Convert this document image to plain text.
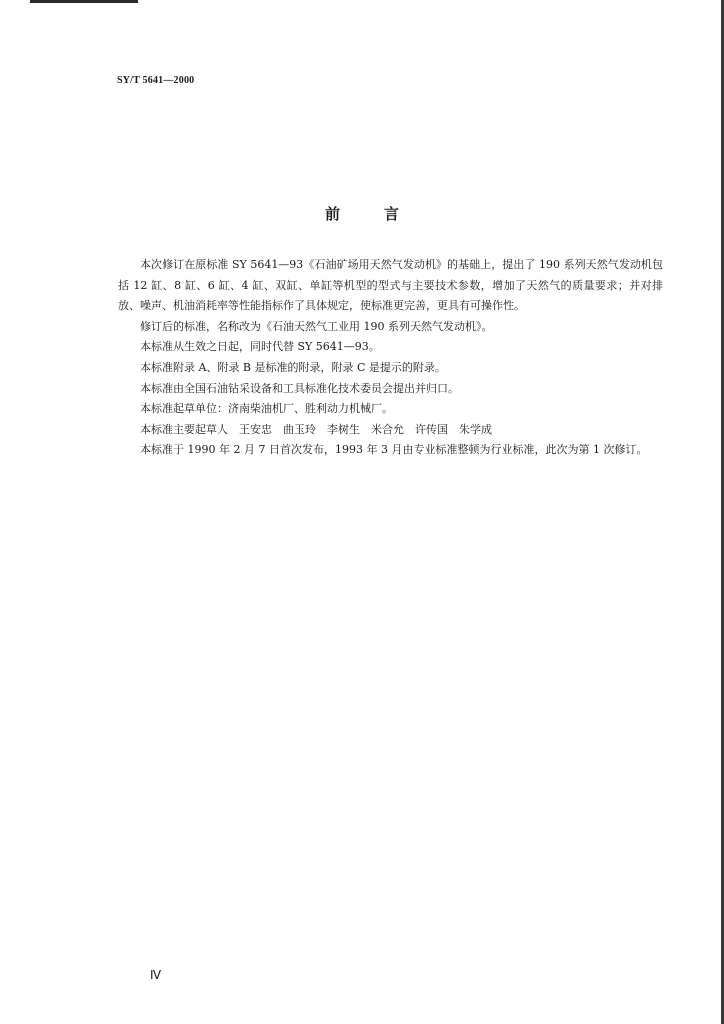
SY/T 5641—2000
前	言

本次修订在原标准 SY 5641—93《石油矿场用天然气发动机》的基础上，提出了 190 系列天然气发动机包括 12 缸、8 缸、6 缸、4 缸、双缸、单缸等机型的型式与主要技术参数，增加了天然气的质量要求；并对排放、噪声、机油消耗率等性能指标作了具体规定，使标准更完善，更具有可操作性。

修订后的标准，名称改为《石油天然气工业用 190 系列天然气发动机》。

本标准从生效之日起，同时代替 SY 5641—93。

本标准附录 A、附录 B 是标准的附录，附录 C 是提示的附录。

本标准由全国石油钻采设备和工具标准化技术委员会提出并归口。

本标准起草单位：济南柴油机厂、胜利动力机械厂。

本标准主要起草人　王安忠　曲玉玲　李树生　米合允　许传国　朱学成

本标准于 1990 年 2 月 7 日首次发布，1993 年 3 月由专业标准整顿为行业标准，此次为第 1 次修订。

Ⅳ
